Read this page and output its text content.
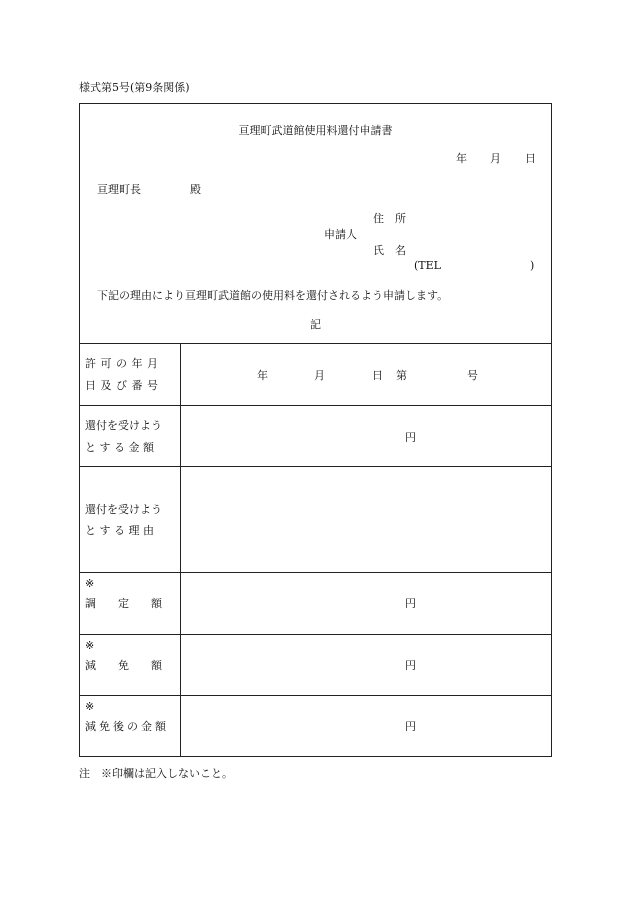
様式第5号(第9条関係)
亘理町武道館使用料還付申請書
年 月 日
亘理町長	殿
住　所
申請人
氏　名
(TEL	)
下記の理由により亘理町武道館の使用料を還付されるよう申請します。
記
許 可 の 年 月
日 及 び 番 号
年	月	日 第	号
還付を受けよう
と す る 金 額
円
還付を受けよう
と す る 理 由
※
調　　定　　額	円
※
減　　免　　額	円
※
減免後の金額	円
注　※印欄は記入しないこと。
